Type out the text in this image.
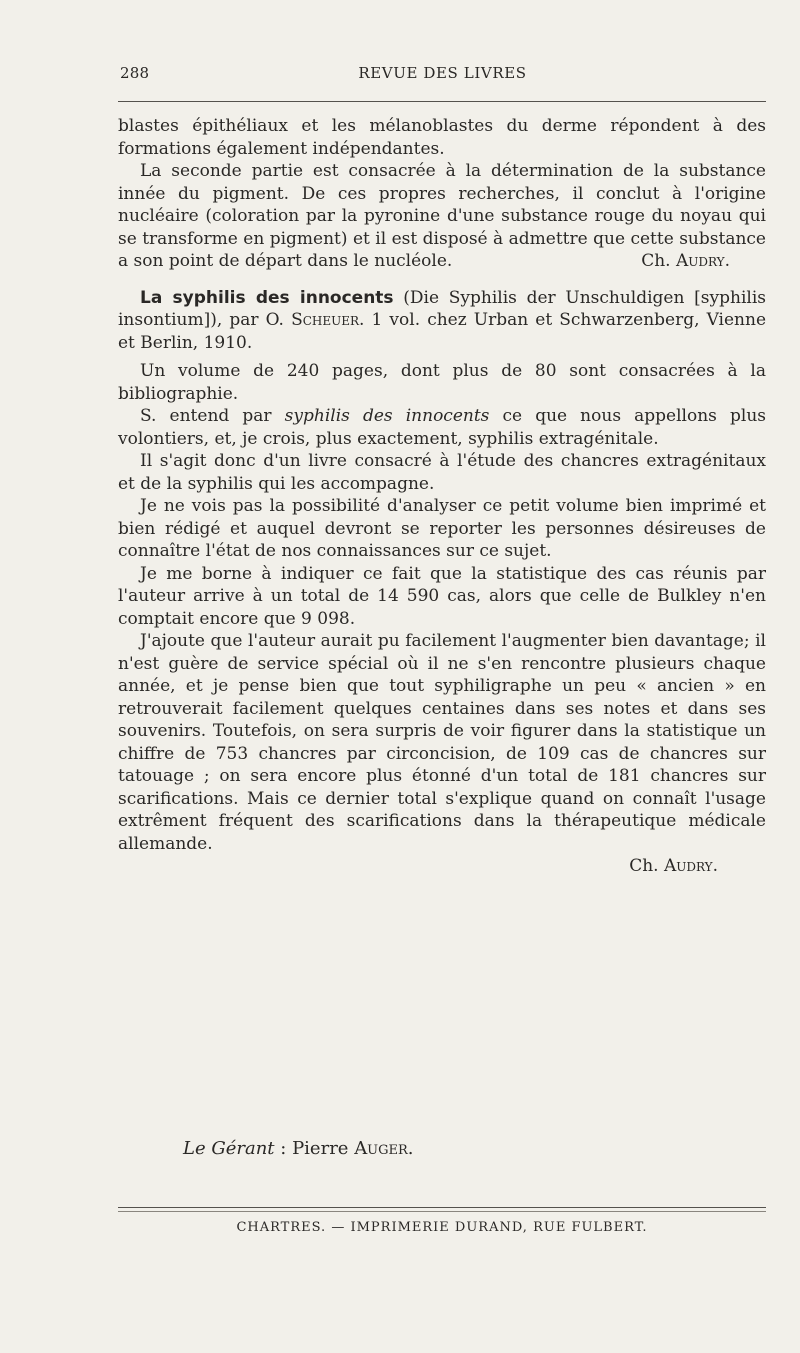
288	REVUE DES LIVRES

blastes épithéliaux et les mélanoblastes du derme répondent à des formations également indépendantes.

La seconde partie est consacrée à la détermination de la substance innée du pigment. De ces propres recherches, il conclut à l'origine nucléaire (coloration par la pyronine d'une substance rouge du noyau qui se transforme en pigment) et il est disposé à admettre que cette substance a son point de départ dans le nucléole.	Ch. Audry.

La syphilis des innocents (Die Syphilis der Unschuldigen [syphilis insontium]), par O. Scheuer. 1 vol. chez Urban et Schwarzenberg, Vienne et Berlin, 1910.

Un volume de 240 pages, dont plus de 80 sont consacrées à la bibliographie.

S. entend par syphilis des innocents ce que nous appellons plus volontiers, et, je crois, plus exactement, syphilis extragénitale.

Il s'agit donc d'un livre consacré à l'étude des chancres extragénitaux et de la syphilis qui les accompagne.

Je ne vois pas la possibilité d'analyser ce petit volume bien imprimé et bien rédigé et auquel devront se reporter les personnes désireuses de connaître l'état de nos connaissances sur ce sujet.

Je me borne à indiquer ce fait que la statistique des cas réunis par l'auteur arrive à un total de 14 590 cas, alors que celle de Bulkley n'en comptait encore que 9 098.

J'ajoute que l'auteur aurait pu facilement l'augmenter bien davantage; il n'est guère de service spécial où il ne s'en rencontre plusieurs chaque année, et je pense bien que tout syphiligraphe un peu « ancien » en retrouverait facilement quelques centaines dans ses notes et dans ses souvenirs. Toutefois, on sera surpris de voir figurer dans la statistique un chiffre de 753 chancres par circoncision, de 109 cas de chancres sur tatouage ; on sera encore plus étonné d'un total de 181 chancres sur scarifications. Mais ce dernier total s'explique quand on connaît l'usage extrêment fréquent des scarifications dans la thérapeutique médicale allemande.

Ch. Audry.

Le Gérant : Pierre Auger.
CHARTRES. — IMPRIMERIE DURAND, RUE FULBERT.
